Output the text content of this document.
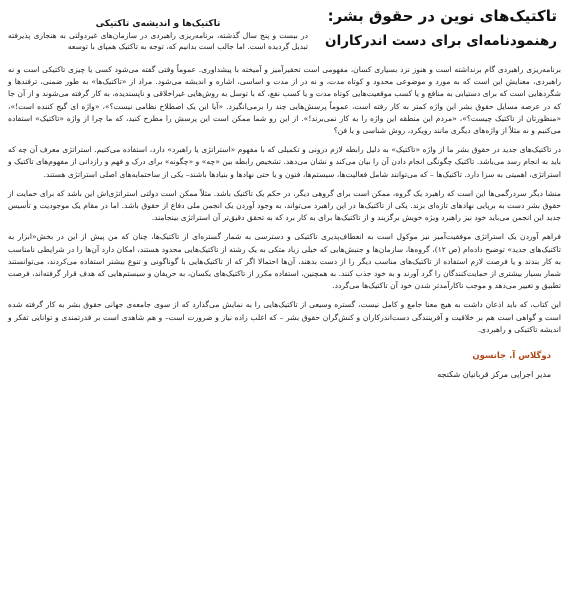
تاکتیک‌های نوین در حقوق بشر:
رهنمودنامه‌ای برای دست اندرکاران
تاکتیک‌ها و اندیشه‌ی تاکتیکی
در بیست و پنج سال گذشته، برنامه‌ریزی راهبردی در سازمان‌های غیردولتی به هنجاری پذیرفته تبدیل گردیده است. اما جالب است بدانیم که، توجه به تاکتیک همپای با توسعه

برنامه‌ریزی راهبردی گام برنداشته است و هنوز نزد بسیاری کسان، مفهومی است تحقیرآمیز و آمیخته با پیشداوری. عموماً وقتی گفته می‌شود کسی یا چیزی تاکتیکی است و نه راهبردی، معنایش این است که به مورد و موضوعی محدود و کوتاه مدت، و نه در از مدت و اساسی، اشاره و اندیشه می‌شود. مراد از «تاکتیک‌ها» به طور ضمنی، ترفندها و شگردهایی است که برای دستیابی به منافع و یا کسب موقعیت‌هایی کوتاه مدت و یا کسب نفع، که با توسل به روش‌هایی غیراخلاقی و ناپسندیده، به کار گرفته می‌شوند و از آن جا که در عرصه مسایل حقوق بشر این واژه کمتر به کار رفته است، عموماً پرسش‌هایی چند را برمی‌انگیزد. «آیا این یک اصطلاح نظامی نیست؟»، «واژه ای گیج کننده است!»، «منظورتان از تاکتیک چیست؟»، «مردم این منطقه این واژه را به کار نمی‌برند!». از این رو شما ممکن است این پرسش را مطرح کنید، که ما چرا از واژه «تاکتیک» استفاده می‌کنیم و نه مثلاً از واژه‌های دیگری مانند رویکرد، روش شناسی و یا فن؟

در تاکتیک‌های جدید در حقوق بشر ما از واژه «تاکتیک» به دلیل رابطه لازم درونی و تکمیلی که با مفهوم «استراتژی یا راهبرد» دارد، استفاده می‌کنیم. استراتژی معرف آن چه که باید به انجام رسد می‌باشد. تاکتیک چگونگی انجام دادن آن را بیان می‌کند و نشان می‌دهد. تشخیص رابطه بین «چه» و «چگونه» برای درک و فهم و رازدانی از مفهوم‌های تاکتیک و استراتژی، اهمیتی به سزا دارد. تاکتیک‌ها – که می‌توانند شامل فعالیت‌ها، سیستم‌ها، فنون و یا حتی نهادها و بنیادها باشند– یکی از ساختمایه‌های اصلی استراتژی هستند.

منشا دیگر سردرگمی‌ها این است که راهبرد یک گروه، ممکن است برای گروهی دیگر، در حکم یک تاکتیک باشد. مثلاً ممکن است دولتی استراتژی‌اش این باشد که برای حمایت از حقوق بشر دست به برپایی نهادهای تازه‌ای بزند. یکی از تاکتیک‌ها در این راهبرد می‌تواند، به وجود آوردن یک انجمن ملی دفاع از حقوق باشد. اما در مقام یک موجودیت و تأسیس جدید این انجمن می‌باید خود نیز راهبرد ویژه خویش برگزیند و از تاکتیک‌ها برای به کار برد که به تحقق دقیق‌تر آن استراتژی بینجامند.

فراهم آوردن یک استراتژی موفقیت‌آمیز نیز موکول است به انعطاف‌پذیری تاکتیکی و دسترسی به شمار گستره‌ای از تاکتیک‌ها، چنان که من پیش از این در بخش«ابزار به تاکتیک‌های جدید» توضیح داده‌ام (ص ۱۲)، گروه‌ها، سازمان‌ها و جنبش‌هایی که خیلی زیاد متکی به یک رشته از تاکتیک‌هایی محدود هستند، امکان دارد آن‌ها را در شرایطی نامناسب به کار بندند و یا فرصت لازم استفاده از تاکتیک‌های مناسب دیگر را از دست بدهند، آن‌ها احتمالا اگر که از تاکتیک‌هایی با گوناگونی و تنوع بیشتر استفاده می‌کردند، می‌توانستند شمار بسیار بیشتری از حمایت‌کنندگان را گرد آورند و به خود جذب کنند. به همچنین، استفاده مکرر از تاکتیک‌های یکسان، به حریفان و سیستم‌هایی که هدف قرار گرفته‌اند، فرصت تطبیق و تغییر می‌دهد و موجب ناکارآمدتر شدن خود آن تاکتیک‌ها می‌گردد.

این کتاب، که باید اذعان داشت به هیچ معنا جامع و کامل نیست، گستره وسیعی از تاکتیک‌هایی را به نمایش می‌گذارد که از سوی جامعه‌ی جهانی حقوق بشر به کار گرفته شده است و گواهی است هم بر خلاقیت و آفرینندگی دست‌اندرکاران و کنش‌گران حقوق بشر – که اغلب زاده نیاز و ضرورت است– و هم شاهدی است بر قدرتمندی و توانایی تفکر و اندیشه تاکتیکی و راهبردی.

دوگلاس آ. جانسون
مدیر اجرایی مرکز قربانیان شکنجه
